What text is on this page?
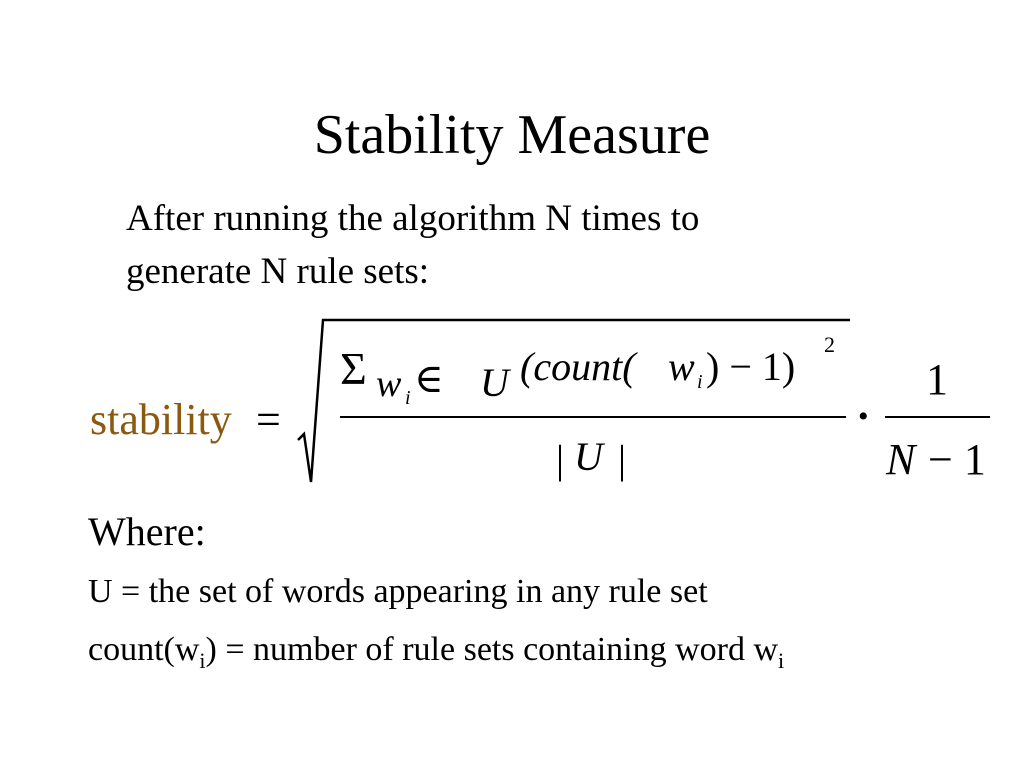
Stability Measure
After running the algorithm N times to
generate N rule sets:
stability =
Σ w i ∈ U (count( w i ) − 1) 2
| U |
•
1
N − 1
Where:
U = the set of words appearing in any rule set
$count(w_i)$ = number of rule sets containing word $w_i$
